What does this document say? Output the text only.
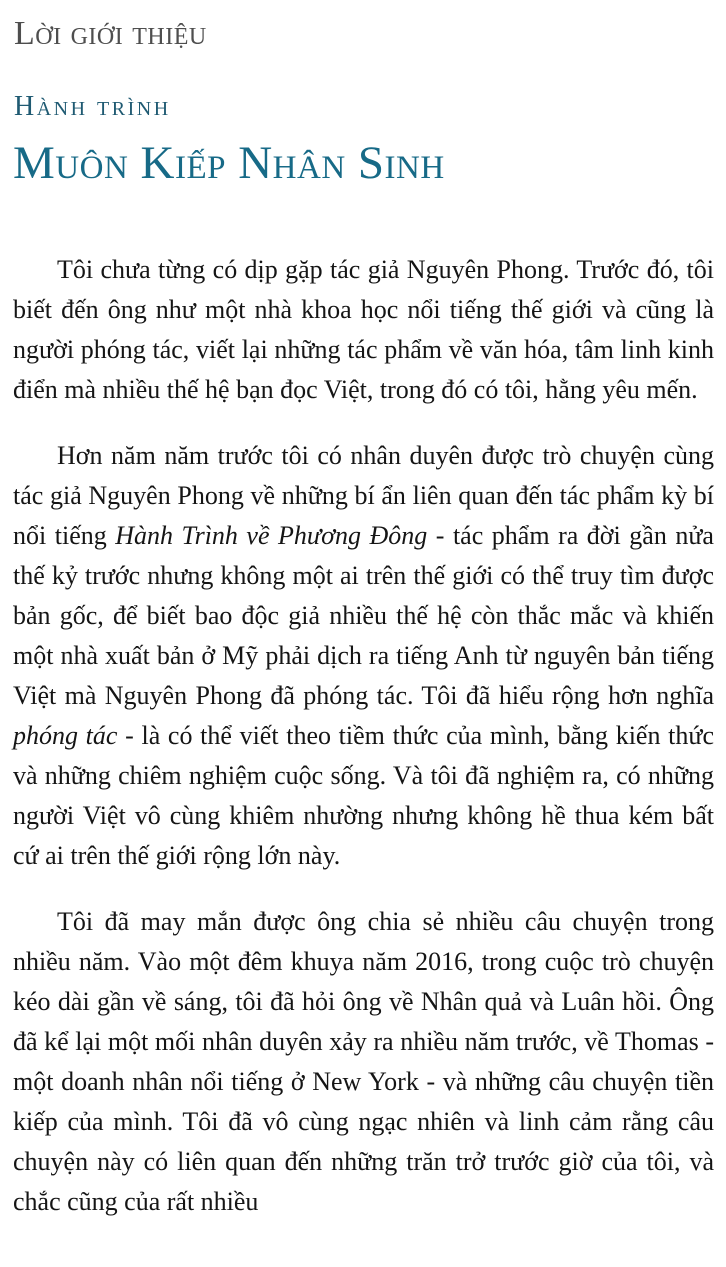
Lời giới thiệu
Hành trình
Muôn Kiếp Nhân Sinh

Tôi chưa từng có dịp gặp tác giả Nguyên Phong. Trước đó, tôi biết đến ông như một nhà khoa học nổi tiếng thế giới và cũng là người phóng tác, viết lại những tác phẩm về văn hóa, tâm linh kinh điển mà nhiều thế hệ bạn đọc Việt, trong đó có tôi, hằng yêu mến.

Hơn năm năm trước tôi có nhân duyên được trò chuyện cùng tác giả Nguyên Phong về những bí ẩn liên quan đến tác phẩm kỳ bí nổi tiếng Hành Trình về Phương Đông - tác phẩm ra đời gần nửa thế kỷ trước nhưng không một ai trên thế giới có thể truy tìm được bản gốc, để biết bao độc giả nhiều thế hệ còn thắc mắc và khiến một nhà xuất bản ở Mỹ phải dịch ra tiếng Anh từ nguyên bản tiếng Việt mà Nguyên Phong đã phóng tác. Tôi đã hiểu rộng hơn nghĩa phóng tác - là có thể viết theo tiềm thức của mình, bằng kiến thức và những chiêm nghiệm cuộc sống. Và tôi đã nghiệm ra, có những người Việt vô cùng khiêm nhường nhưng không hề thua kém bất cứ ai trên thế giới rộng lớn này.

Tôi đã may mắn được ông chia sẻ nhiều câu chuyện trong nhiều năm. Vào một đêm khuya năm 2016, trong cuộc trò chuyện kéo dài gần về sáng, tôi đã hỏi ông về Nhân quả và Luân hồi. Ông đã kể lại một mối nhân duyên xảy ra nhiều năm trước, về Thomas - một doanh nhân nổi tiếng ở New York - và những câu chuyện tiền kiếp của mình. Tôi đã vô cùng ngạc nhiên và linh cảm rằng câu chuyện này có liên quan đến những trăn trở trước giờ của tôi, và chắc cũng của rất nhiều
